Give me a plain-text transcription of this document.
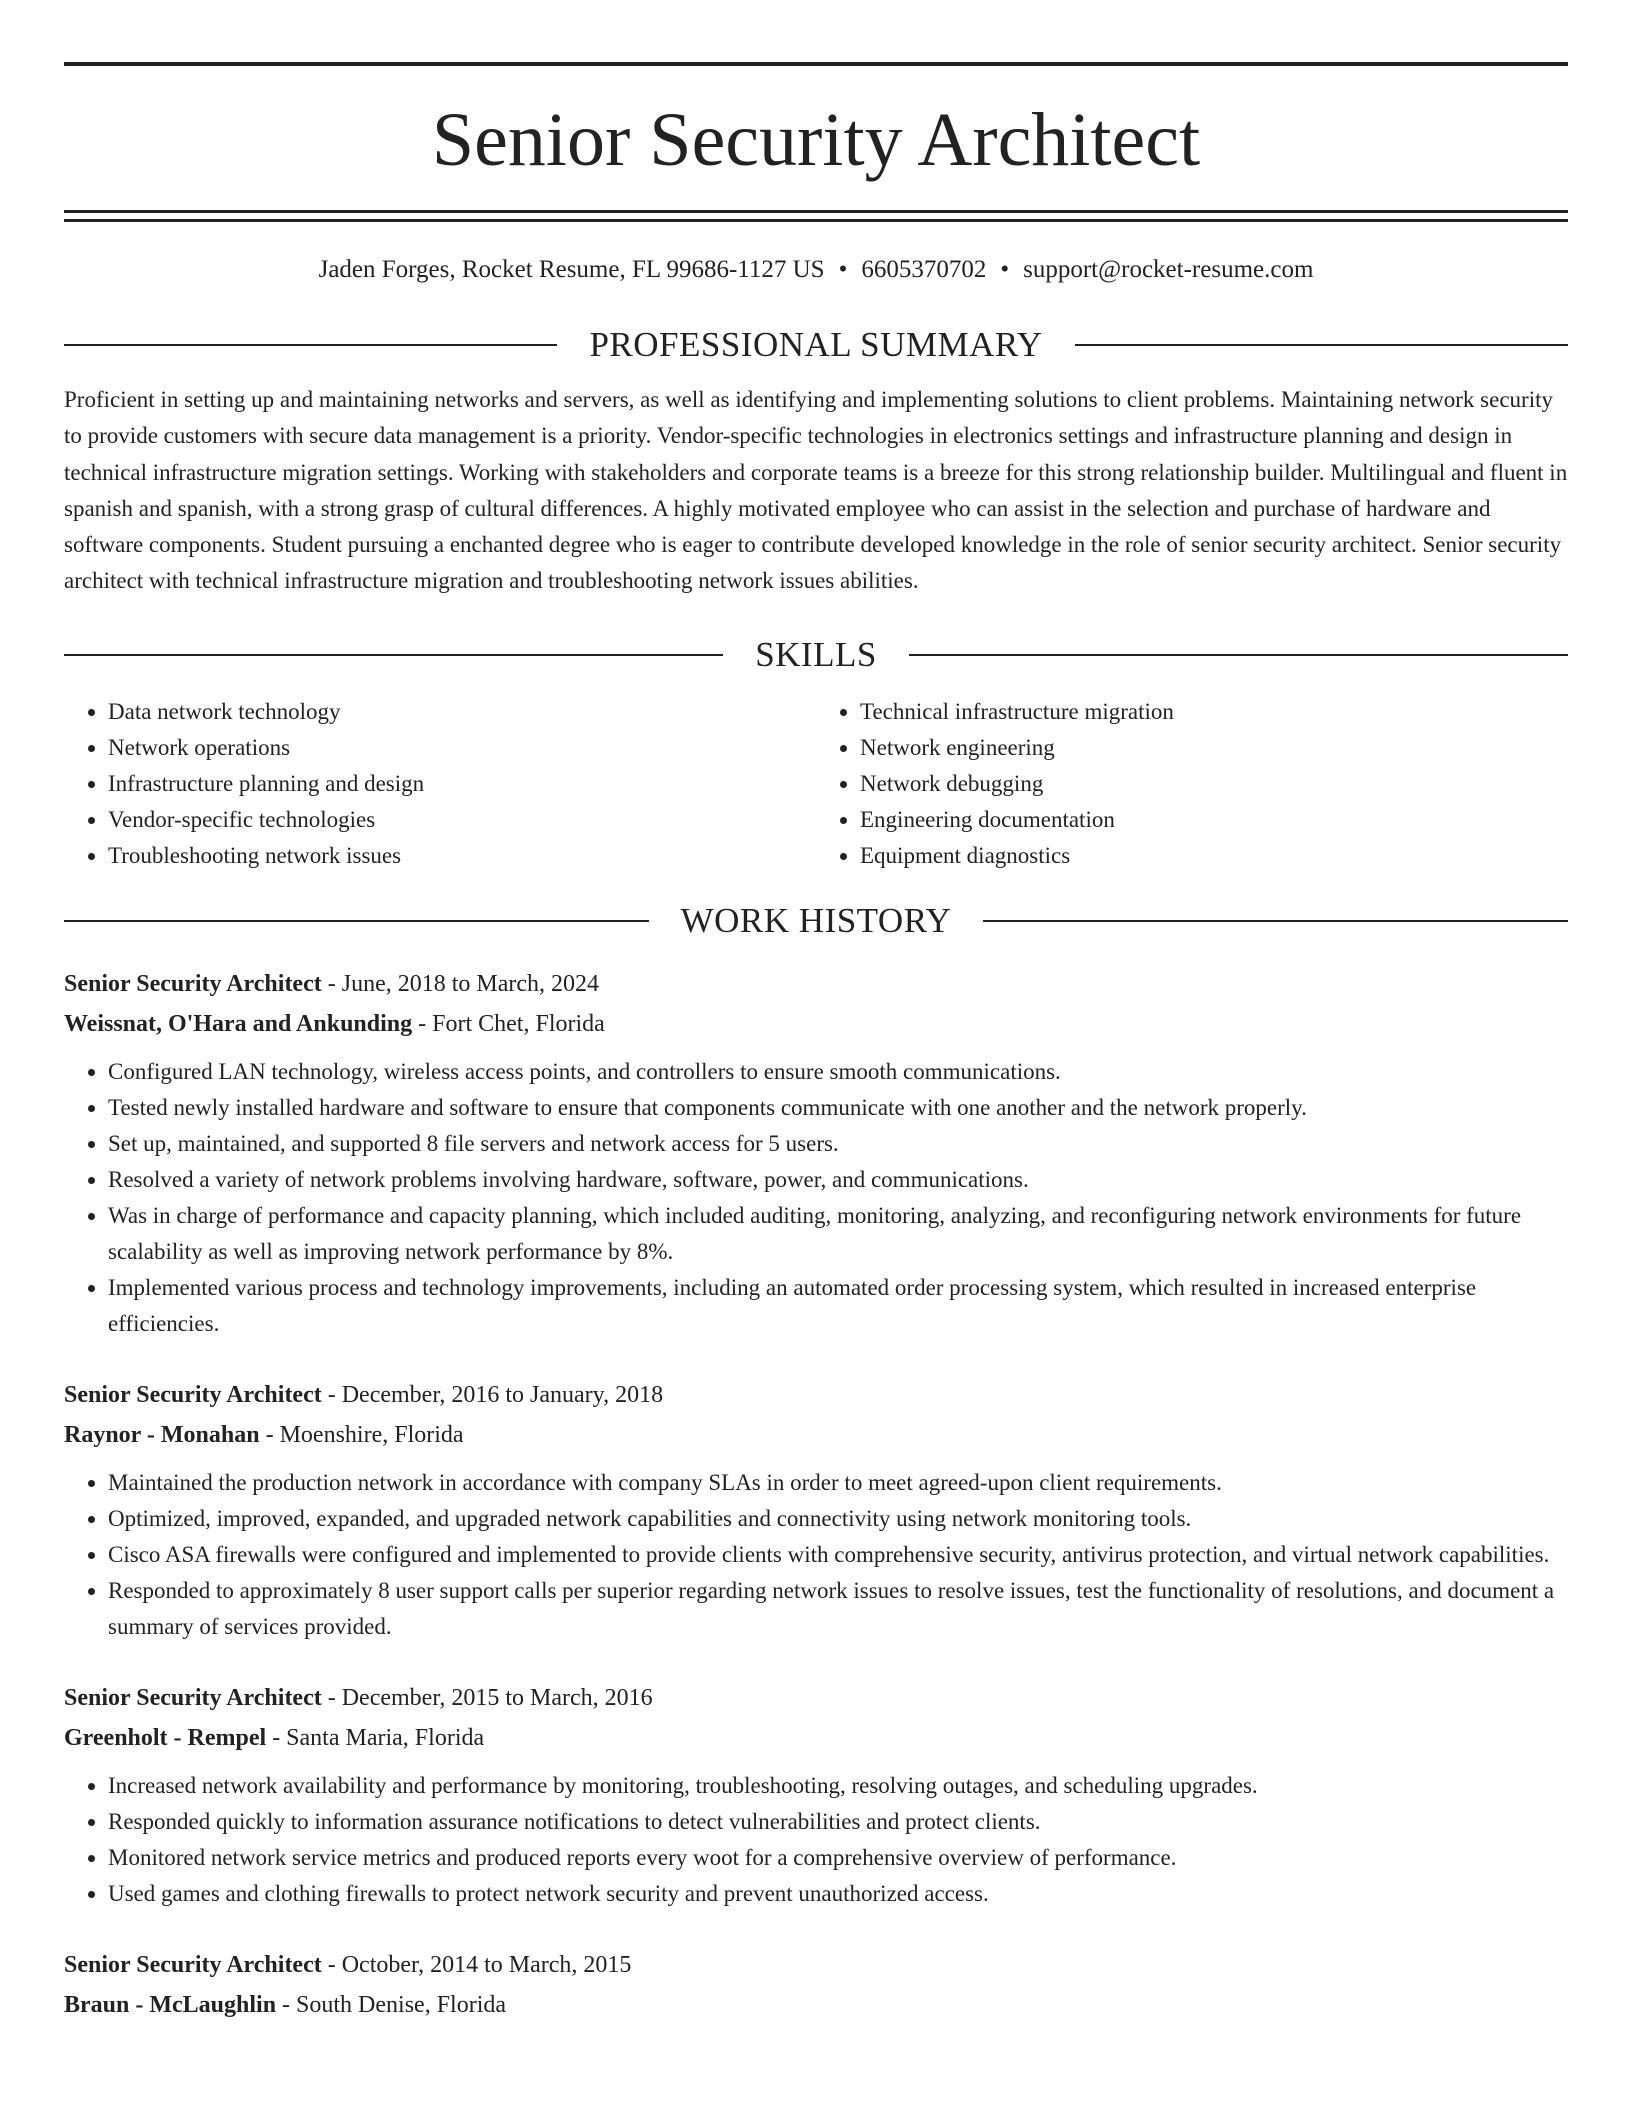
Senior Security Architect
Jaden Forges, Rocket Resume, FL 99686-1127 US • 6605370702 • support@rocket-resume.com
PROFESSIONAL SUMMARY

Proficient in setting up and maintaining networks and servers, as well as identifying and implementing solutions to client problems. Maintaining network security to provide customers with secure data management is a priority. Vendor-specific technologies in electronics settings and infrastructure planning and design in technical infrastructure migration settings. Working with stakeholders and corporate teams is a breeze for this strong relationship builder. Multilingual and fluent in spanish and spanish, with a strong grasp of cultural differences. A highly motivated employee who can assist in the selection and purchase of hardware and software components. Student pursuing a enchanted degree who is eager to contribute developed knowledge in the role of senior security architect. Senior security architect with technical infrastructure migration and troubleshooting network issues abilities.

SKILLS
• Data network technology
• Network operations
• Infrastructure planning and design
• Vendor-specific technologies
• Troubleshooting network issues
• Technical infrastructure migration
• Network engineering
• Network debugging
• Engineering documentation
• Equipment diagnostics
WORK HISTORY
Senior Security Architect - June, 2018 to March, 2024
Weissnat, O'Hara and Ankunding - Fort Chet, Florida
• Configured LAN technology, wireless access points, and controllers to ensure smooth communications.
• Tested newly installed hardware and software to ensure that components communicate with one another and the network properly.
• Set up, maintained, and supported 8 file servers and network access for 5 users.
• Resolved a variety of network problems involving hardware, software, power, and communications.
• Was in charge of performance and capacity planning, which included auditing, monitoring, analyzing, and reconfiguring network environments for future scalability as well as improving network performance by 8%.
• Implemented various process and technology improvements, including an automated order processing system, which resulted in increased enterprise efficiencies.
Senior Security Architect - December, 2016 to January, 2018
Raynor - Monahan - Moenshire, Florida
• Maintained the production network in accordance with company SLAs in order to meet agreed-upon client requirements.
• Optimized, improved, expanded, and upgraded network capabilities and connectivity using network monitoring tools.
• Cisco ASA firewalls were configured and implemented to provide clients with comprehensive security, antivirus protection, and virtual network capabilities.
• Responded to approximately 8 user support calls per superior regarding network issues to resolve issues, test the functionality of resolutions, and document a summary of services provided.
Senior Security Architect - December, 2015 to March, 2016
Greenholt - Rempel - Santa Maria, Florida
• Increased network availability and performance by monitoring, troubleshooting, resolving outages, and scheduling upgrades.
• Responded quickly to information assurance notifications to detect vulnerabilities and protect clients.
• Monitored network service metrics and produced reports every woot for a comprehensive overview of performance.
• Used games and clothing firewalls to protect network security and prevent unauthorized access.
Senior Security Architect - October, 2014 to March, 2015
Braun - McLaughlin - South Denise, Florida
